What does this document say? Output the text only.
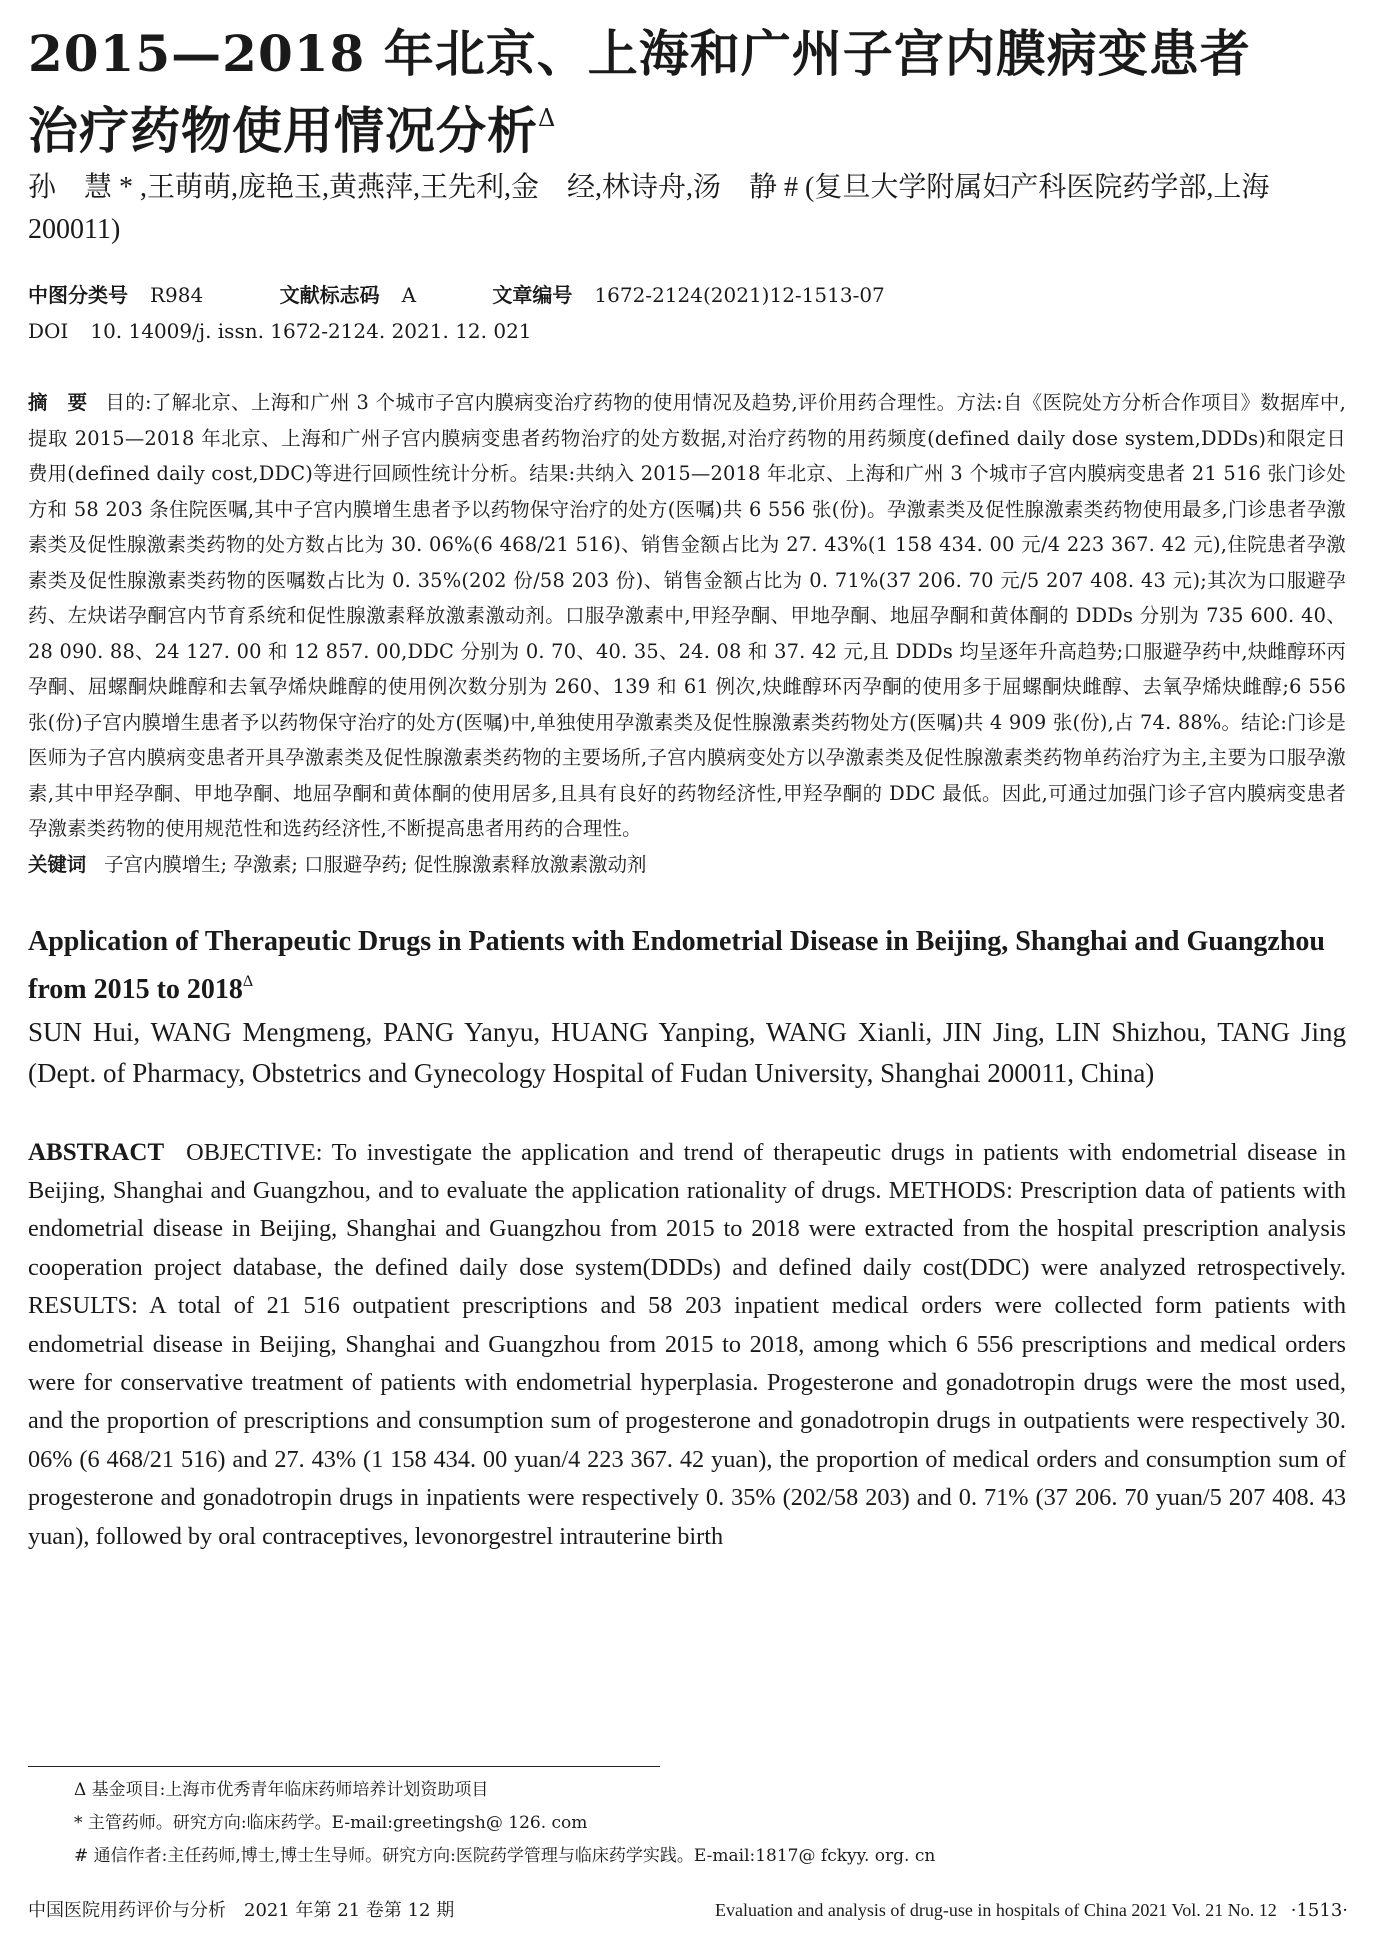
2015—2018 年北京、上海和广州子宫内膜病变患者
治疗药物使用情况分析$^\Delta$
孙　慧 * ,王萌萌,庞艳玉,黄燕萍,王先利,金　经,林诗舟,汤　静 # (复旦大学附属妇产科医院药学部,上海
200011)
中图分类号 R984	文献标志码 A	文章编号 1672-2124(2021)12-1513-07
DOI 10. 14009/j. issn. 1672-2124. 2021. 12. 021
摘　要 目的:了解北京、上海和广州 3 个城市子宫内膜病变治疗药物的使用情况及趋势,评价用药合理性。方法:自《医院处方分析合作项目》数据库中,提取 2015—2018 年北京、上海和广州子宫内膜病变患者药物治疗的处方数据,对治疗药物的用药频度(defined daily dose system,DDDs)和限定日费用(defined daily cost,DDC)等进行回顾性统计分析。结果:共纳入 2015—2018 年北京、上海和广州 3 个城市子宫内膜病变患者 21 516 张门诊处方和 58 203 条住院医嘱,其中子宫内膜增生患者予以药物保守治疗的处方(医嘱)共 6 556 张(份)。孕激素类及促性腺激素类药物使用最多,门诊患者孕激素类及促性腺激素类药物的处方数占比为 30. 06%(6 468/21 516)、销售金额占比为 27. 43%(1 158 434. 00 元/4 223 367. 42 元),住院患者孕激素类及促性腺激素类药物的医嘱数占比为 0. 35%(202 份/58 203 份)、销售金额占比为 0. 71%(37 206. 70 元/5 207 408. 43 元);其次为口服避孕药、左炔诺孕酮宫内节育系统和促性腺激素释放激素激动剂。口服孕激素中,甲羟孕酮、甲地孕酮、地屈孕酮和黄体酮的 DDDs 分别为 735 600. 40、28 090. 88、24 127. 00 和 12 857. 00,DDC 分别为 0. 70、40. 35、24. 08 和 37. 42 元,且 DDDs 均呈逐年升高趋势;口服避孕药中,炔雌醇环丙孕酮、屈螺酮炔雌醇和去氧孕烯炔雌醇的使用例次数分别为 260、139 和 61 例次,炔雌醇环丙孕酮的使用多于屈螺酮炔雌醇、去氧孕烯炔雌醇;6 556 张(份)子宫内膜增生患者予以药物保守治疗的处方(医嘱)中,单独使用孕激素类及促性腺激素类药物处方(医嘱)共 4 909 张(份),占 74. 88%。结论:门诊是医师为子宫内膜病变患者开具孕激素类及促性腺激素类药物的主要场所,子宫内膜病变处方以孕激素类及促性腺激素类药物单药治疗为主,主要为口服孕激素,其中甲羟孕酮、甲地孕酮、地屈孕酮和黄体酮的使用居多,且具有良好的药物经济性,甲羟孕酮的 DDC 最低。因此,可通过加强门诊子宫内膜病变患者孕激素类药物的使用规范性和选药经济性,不断提高患者用药的合理性。
关键词 子宫内膜增生; 孕激素; 口服避孕药; 促性腺激素释放激素激动剂
Application of Therapeutic Drugs in Patients with Endometrial Disease in Beijing, Shanghai and Guangzhou from 2015 to $2018^\Delta$
SUN Hui, WANG Mengmeng, PANG Yanyu, HUANG Yanping, WANG Xianli, JIN Jing, LIN Shizhou, TANG Jing (Dept. of Pharmacy, Obstetrics and Gynecology Hospital of Fudan University, Shanghai 200011, China)
ABSTRACT OBJECTIVE: To investigate the application and trend of therapeutic drugs in patients with endometrial disease in Beijing, Shanghai and Guangzhou, and to evaluate the application rationality of drugs. METHODS: Prescription data of patients with endometrial disease in Beijing, Shanghai and Guangzhou from 2015 to 2018 were extracted from the hospital prescription analysis cooperation project database, the defined daily dose system(DDDs) and defined daily cost(DDC) were analyzed retrospectively. RESULTS: A total of 21 516 outpatient prescriptions and 58 203 inpatient medical orders were collected form patients with endometrial disease in Beijing, Shanghai and Guangzhou from 2015 to 2018, among which 6 556 prescriptions and medical orders were for conservative treatment of patients with endometrial hyperplasia. Progesterone and gonadotropin drugs were the most used, and the proportion of prescriptions and consumption sum of progesterone and gonadotropin drugs in outpatients were respectively 30. 06% (6 468/21 516) and 27. 43% (1 158 434. 00 yuan/4 223 367. 42 yuan), the proportion of medical orders and consumption sum of progesterone and gonadotropin drugs in inpatients were respectively 0. 35% (202/58 203) and 0. 71% (37 206. 70 yuan/5 207 408. 43 yuan), followed by oral contraceptives, levonorgestrel intrauterine birth
Δ 基金项目:上海市优秀青年临床药师培养计划资助项目
* 主管药师。研究方向:临床药学。E-mail:greetingsh@ 126. com
# 通信作者:主任药师,博士,博士生导师。研究方向:医院药学管理与临床药学实践。E-mail:1817@ fckyy. org. cn
中国医院用药评价与分析　2021 年第 21 卷第 12 期	Evaluation and analysis of drug-use in hospitals of China 2021 Vol. 21 No. 12 ·1513·
